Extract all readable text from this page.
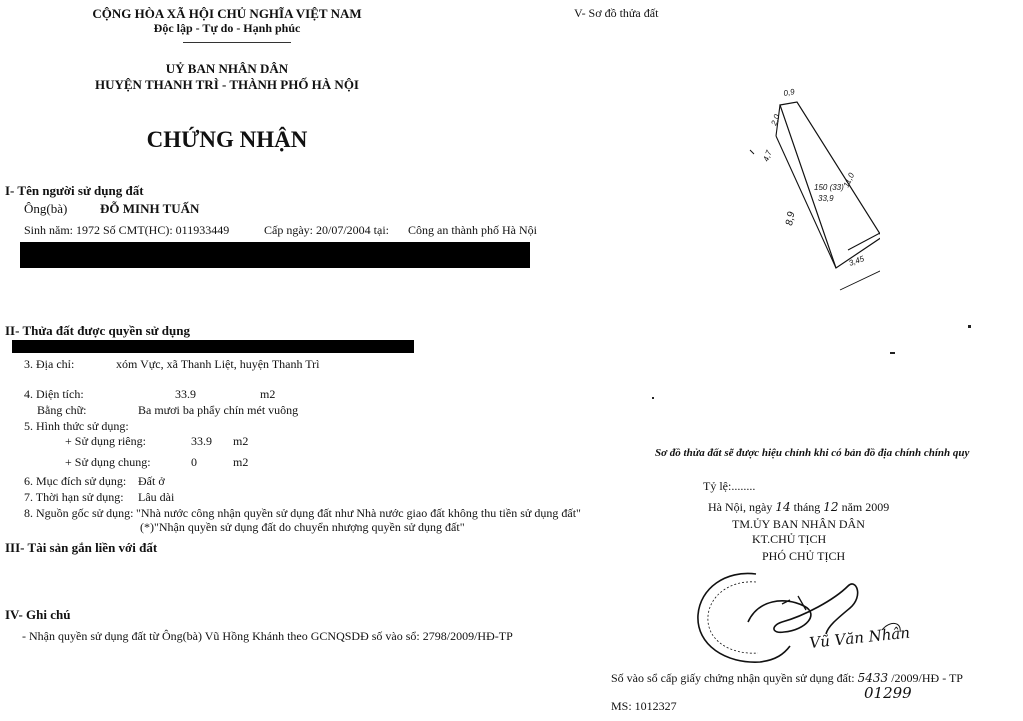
CỘNG HÒA XÃ HỘI CHỦ NGHĨA VIỆT NAM
Độc lập - Tự do - Hạnh phúc
UỶ BAN NHÂN DÂN
HUYỆN THANH TRÌ - THÀNH PHỐ HÀ NỘI
CHỨNG NHẬN
I- Tên người sử dụng đất
Ông(bà)	ĐỖ MINH TUẤN
Sinh năm: 1972 Số CMT(HC): 011933449	Cấp ngày: 20/07/2004 tại: Công an thành phố Hà Nội
II- Thửa đất được quyền sử dụng
3. Địa chỉ:	xóm Vực, xã Thanh Liệt, huyện Thanh Trì
4. Diện tích:	33.9	m2
Bằng chữ:	Ba mươi ba phẩy chín mét vuông
5. Hình thức sử dụng:
+ Sử dụng riêng:	33.9 m2
+ Sử dụng chung:	0	m2
6. Mục đích sử dụng: Đất ở
7. Thời hạn sử dụng: Lâu dài
8. Nguồn gốc sử dụng: "Nhà nước công nhận quyền sử dụng đất như Nhà nước giao đất không thu tiền sử dụng đất"
(*)"Nhận quyền sử dụng đất do chuyển nhượng quyền sử dụng đất"
III- Tài sản gắn liền với đất
IV- Ghi chú
- Nhận quyền sử dụng đất từ Ông(bà) Vũ Hồng Khánh theo GCNQSDĐ số vào sổ: 2798/2009/HĐ-TP
V- Sơ đồ thửa đất
0,9
2,0
4,7
11,0
150 (33)
33,9
8,9
3,45
Sơ đồ thửa đất sẽ được hiệu chỉnh khi có bản đồ địa chính chính quy
Tỷ lệ:........
Hà Nội, ngày 14 tháng 12 năm 2009
TM.ỦY BAN NHÂN DÂN
KT.CHỦ TỊCH
PHÓ CHỦ TỊCH
Vũ Văn Nhân
Số vào sổ cấp giấy chứng nhận quyền sử dụng đất: 5433 /2009/HĐ - TP
01299
MS: 1012327
